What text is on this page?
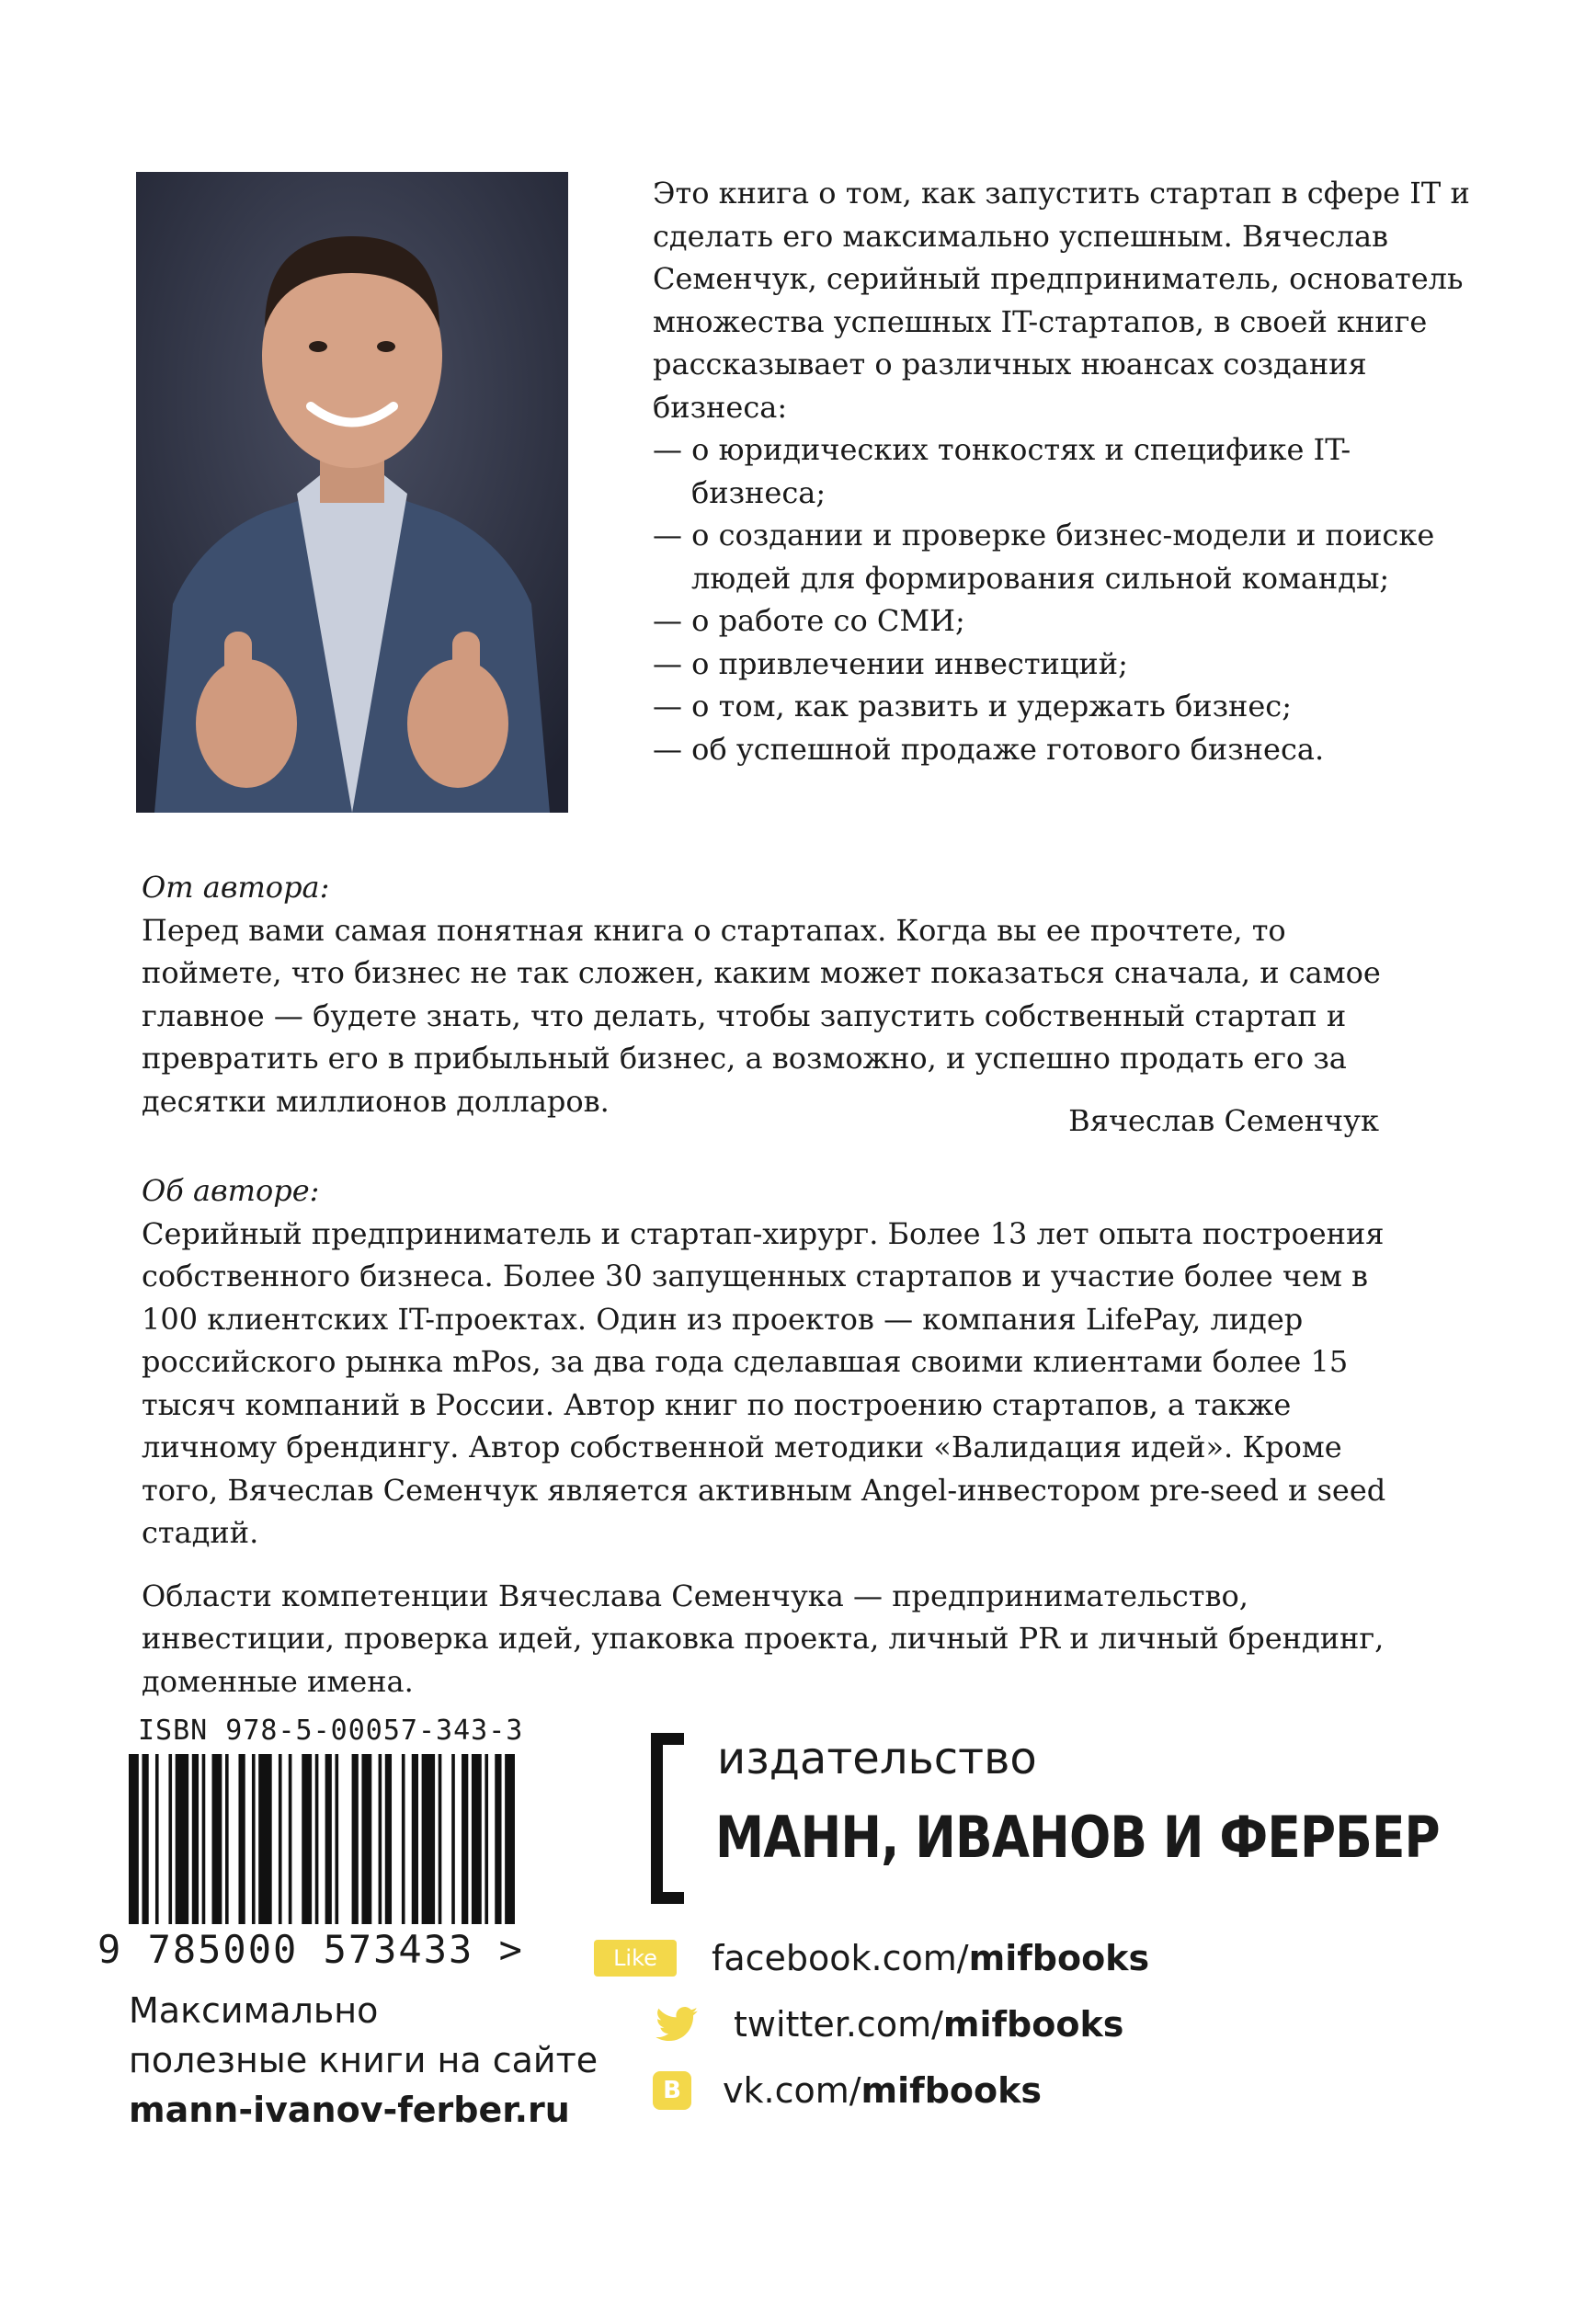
Это книга о том, как запустить стартап в сфере IT и сделать его максимально успешным. Вячеслав Семенчук, серийный предприниматель, основатель множества успешных IT-стартапов, в своей книге рассказывает о различных нюансах создания бизнеса:

— о юридических тонкостях и специфике IT-бизнеса;
— о создании и проверке бизнес-модели и поиске людей для формирования сильной команды;
— о работе со СМИ;
— о привлечении инвестиций;
— о том, как развить и удержать бизнес;
— об успешной продаже готового бизнеса.

От автора:

Перед вами самая понятная книга о стартапах. Когда вы ее прочтете, то поймете, что бизнес не так сложен, каким может показаться сначала, и самое главное — будете знать, что делать, чтобы запустить собственный стартап и превратить его в прибыльный бизнес, а возможно, и успешно продать его за десятки миллионов долларов.

Вячеслав Семенчук

Об авторе:

Серийный предприниматель и стартап-хирург. Более 13 лет опыта построения собственного бизнеса. Более 30 запущенных стартапов и участие более чем в 100 клиентских IT-проектах. Один из проектов — компания LifePay, лидер российского рынка mPos, за два года сделавшая своими клиентами более 15 тысяч компаний в России. Автор книг по построению стартапов, а также личному брендингу. Автор собственной методики «Валидация идей». Кроме того, Вячеслав Семенчук является активным Angel-инвестором pre-seed и seed стадий.

Области компетенции Вячеслава Семенчука — предпринимательство, инвестиции, проверка идей, упаковка проекта, личный PR и личный брендинг, доменные имена.

ISBN 978-5-00057-343-3
9 785000 573433 >
Максимально
полезные книги на сайте
mann-ivanov-ferber.ru
издательство
МАНН, ИВАНОВ И ФЕРБЕР
Like	facebook.com/ mifbooks
twitter.com/ mifbooks
В vk.com/ mifbooks
